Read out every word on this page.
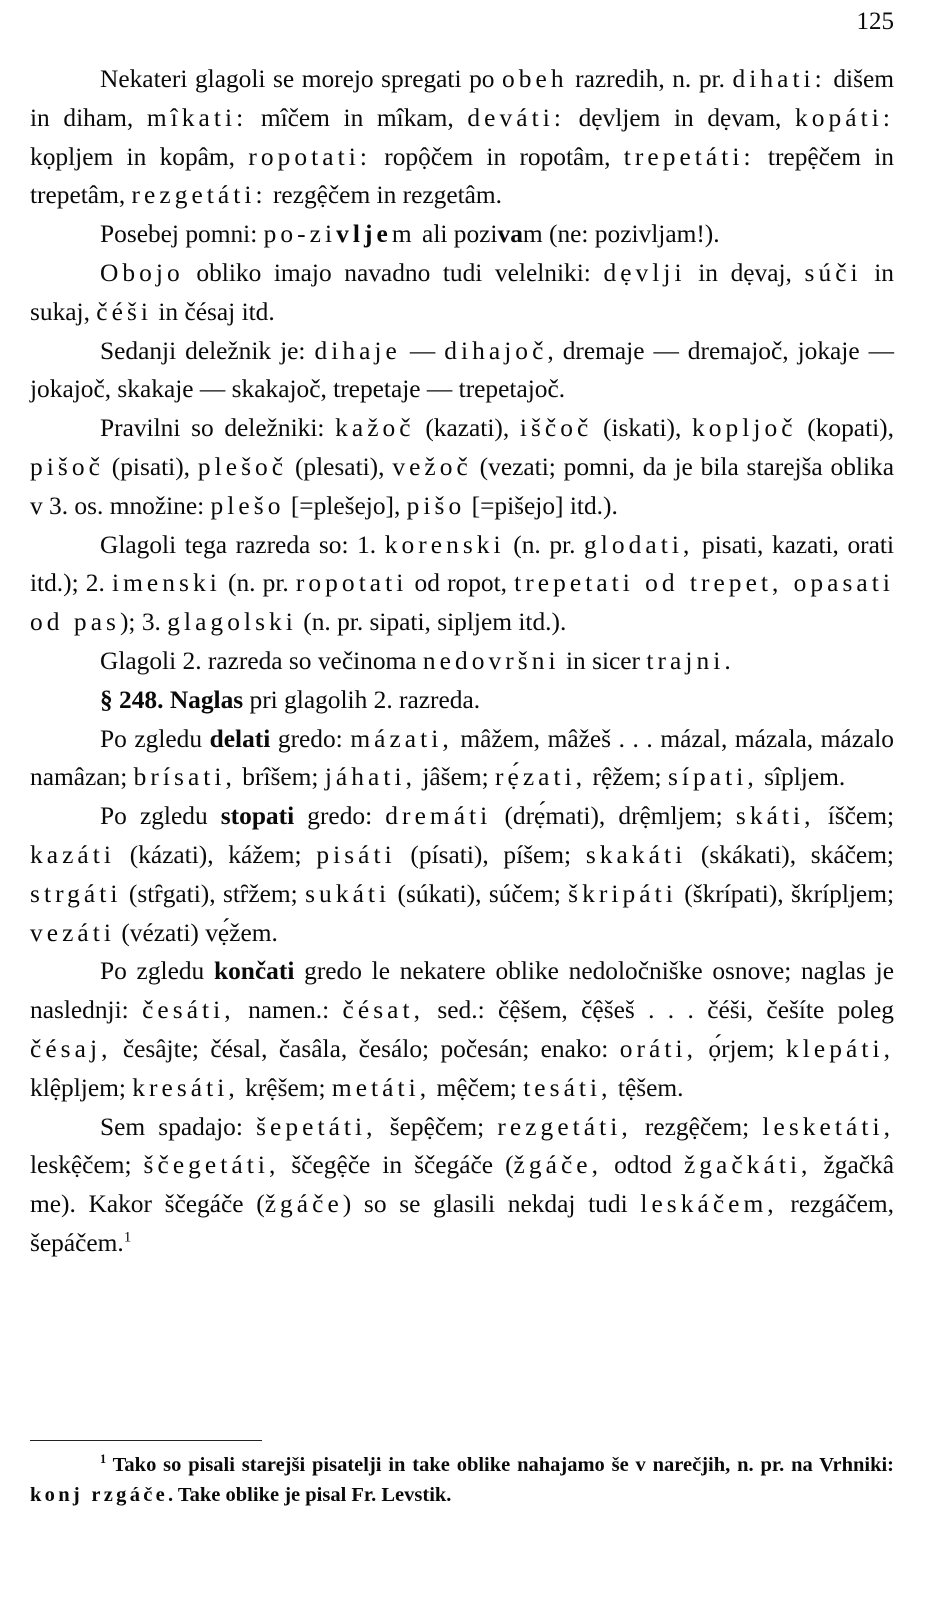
125

Nekateri glagoli se morejo spregati po obeh razredih, n. pr. dihati: dišem in diham, mîkati: mîčem in mîkam, deváti: dẹvljem in dẹvam, kopáti: kọpljem in kopâm, ropotati: ropộčem in ropotâm, trepetáti: trepệčem in trepetâm, rezgetáti: rezgệčem in rezgetâm.

Posebej pomni: po-zivljem ali pozivam (ne: pozivljam!).

Obojo obliko imajo navadno tudi velelniki: dẹvlji in dẹvaj, súči in sukaj, čéši in čésaj itd.

Sedanji deležnik je: dihaje — dihajoč, dremaje — dremajoč, jokaje — jokajoč, skakaje — skakajoč, trepetaje — trepetajoč.

Pravilni so deležniki: kažoč (kazati), iščoč (iskati), kopljoč (kopati), pišoč (pisati), plešoč (plesati), vežoč (vezati; pomni, da je bila starejša oblika v 3. os. množine: plešo [=plešejo], pišo [=pišejo] itd.).

Glagoli tega razreda so: 1. korenski (n. pr. glodati, pisati, kazati, orati itd.); 2. imenski (n. pr. ropotati od ropot, trepetati od trepet, opasati od pas); 3. glagolski (n. pr. sipati, sipljem itd.).

Glagoli 2. razreda so večinoma nedovršni in sicer trajni.

§ 248. Naglas pri glagolih 2. razreda.

Po zgledu delati gredo: mázati, mâžem, mâžeš . . . mázal, mázala, mázalo namâzan; brísati, brîšem; jáhati, jâšem; rẹ́zati, rệžem; sípati, sîpljem.

Po zgledu stopati gredo: dremáti (drẹ́mati), drệmljem; skáti, íščem; kazáti (kázati), kážem; pisáti (písati), píšem; skakáti (skákati), skáčem; strgáti (stȓgati), stȓžem; sukáti (súkati), súčem; škripáti (škrípati), škrípljem; vezáti (vézati) vẹ́žem.

Po zgledu končati gredo le nekatere oblike nedoločniške osnove; naglas je naslednji: česáti, namen.: čésat, sed.: čệšem, čệšeš . . . čéši, češíte poleg čésaj, česâjte; čésal, časâla, česálo; počesán; enako: oráti, ọ́rjem; klepáti, klệpljem; kresáti, krệšem; metáti, mệčem; tesáti, tệšem.

Sem spadajo: šepetáti, šepệčem; rezgetáti, rezgệčem; lesketáti, leskệčem; ščegetáti, ščegệče in ščegáče (žgáče, odtod žgačkáti, žgačkâ me). Kakor ščegáče (žgáče) so se glasili nekdaj tudi leskáčem, rezgáčem, šepáčem.$^1$

$^1$ Tako so pisali starejši pisatelji in take oblike nahajamo še v narečjih, n. pr. na Vrhniki: konj rzgáče. Take oblike je pisal Fr. Levstik.
